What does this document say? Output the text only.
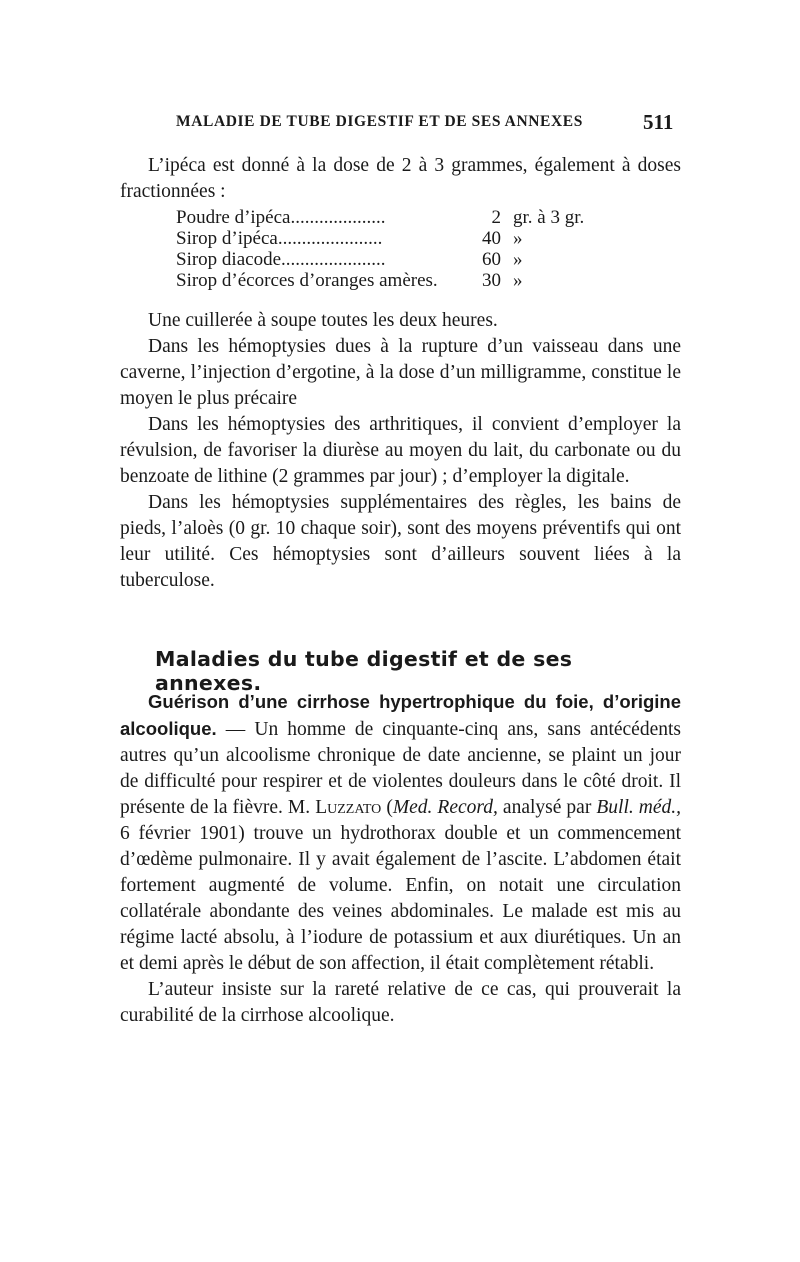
MALADIE DE TUBE DIGESTIF ET DE SES ANNEXES	511

L’ipéca est donné à la dose de 2 à 3 grammes, également à doses fractionnées :

Poudre d’ipéca....................	2 gr. à 3 gr.
Sirop d’ipéca......................	40 »
Sirop diacode......................	60 »
Sirop d’écorces d’oranges amères.	30 »

Une cuillerée à soupe toutes les deux heures.

Dans les hémoptysies dues à la rupture d’un vaisseau dans une caverne, l’injection d’ergotine, à la dose d’un milligramme, constitue le moyen le plus précaire

Dans les hémoptysies des arthritiques, il convient d’employer la révulsion, de favoriser la diurèse au moyen du lait, du carbonate ou du benzoate de lithine (2 grammes par jour) ; d’employer la digitale.

Dans les hémoptysies supplémentaires des règles, les bains de pieds, l’aloès (0 gr. 10 chaque soir), sont des moyens préventifs qui ont leur utilité. Ces hémoptysies sont d’ailleurs souvent liées à la tuberculose.

Maladies du tube digestif et de ses annexes.

Guérison d’une cirrhose hypertrophique du foie, d’origine alcoolique. — Un homme de cinquante-cinq ans, sans antécédents autres qu’un alcoolisme chronique de date ancienne, se plaint un jour de difficulté pour respirer et de violentes douleurs dans le côté droit. Il présente de la fièvre. M. Luzzato (Med. Record, analysé par Bull. méd., 6 février 1901) trouve un hydrothorax double et un commencement d’œdème pulmonaire. Il y avait également de l’ascite. L’abdomen était fortement augmenté de volume. Enfin, on notait une circulation collatérale abondante des veines abdominales. Le malade est mis au régime lacté absolu, à l’iodure de potassium et aux diurétiques. Un an et demi après le début de son affection, il était complètement rétabli.

L’auteur insiste sur la rareté relative de ce cas, qui prouverait la curabilité de la cirrhose alcoolique.
